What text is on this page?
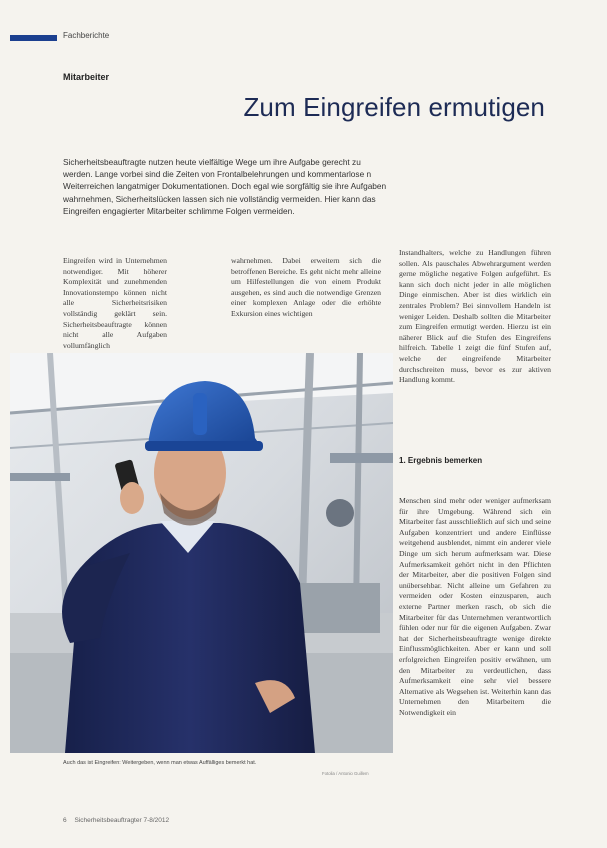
Fachberichte
Mitarbeiter
Zum Eingreifen ermutigen
Sicherheitsbeauftragte nutzen heute vielfältige Wege um ihre Aufgabe gerecht zu werden. Lange vorbei sind die Zeiten von Frontalbelehrungen und kommentarlose n Weiterreichen langatmiger Dokumentationen. Doch egal wie sorgfältig sie ihre Aufgaben wahrnehmen, Sicherheitslücken lassen sich nie vollständig vermeiden. Hier kann das Eingreifen engagierter Mitarbeiter schlimme Folgen vermeiden.

Eingreifen wird in Unternehmen notwendiger. Mit höherer Komplexität und zunehmenden Innovationstempo können nicht alle Sicherheitsrisiken vollständig geklärt sein. Sicherheitsbeauftragte können nicht alle Aufgaben vollumfänglich

wahrnehmen. Dabei erweitern sich die betroffenen Bereiche. Es geht nicht mehr alleine um Hilfestellungen die von einem Produkt ausgehen, es sind auch die notwendige Grenzen einer komplexen Anlage oder die erhöhte Exkursion eines wichtigen

Instandhalters, welche zu Handlungen führen sollen. Als pauschales Abwehrargument werden gerne mögliche negative Folgen aufgeführt. Es kann sich doch nicht jeder in alle möglichen Dinge einmischen. Aber ist dies wirklich ein zentrales Problem? Bei sinnvollem Handeln ist weniger Leiden. Deshalb sollten die Mitarbeiter zum Eingreifen ermutigt werden. Hierzu ist ein näherer Blick auf die Stufen des Eingreifens hilfreich. Tabelle 1 zeigt die fünf Stufen auf, welche der eingreifende Mitarbeiter durchschreiten muss, bevor es zur aktiven Handlung kommt.

1. Ergebnis bemerken

Menschen sind mehr oder weniger aufmerksam für ihre Umgebung. Während sich ein Mitarbeiter fast ausschließlich auf sich und seine Aufgaben konzentriert und andere Einflüsse weitgehend ausblendet, nimmt ein anderer viele Dinge um sich herum aufmerksam war. Diese Aufmerksamkeit gehört nicht in den Pflichten der Mitarbeiter, aber die positiven Folgen sind unübersehbar. Nicht alleine um Gefahren zu vermeiden oder Kosten einzusparen, auch externe Partner merken rasch, ob sich die Mitarbeiter für das Unternehmen verantwortlich fühlen oder nur für die eigenen Aufgaben. Zwar hat der Sicherheitsbeauftragte wenige direkte Einflussmöglichkeiten. Aber er kann und soll erfolgreichen Eingreifen positiv erwähnen, um den Mitarbeiter zu verdeutlichen, dass Aufmerksamkeit eine sehr viel bessere Alternative als Wegsehen ist. Weiterhin kann das Unternehmen den Mitarbeitern die Notwendigkeit ein

Auch das ist Eingreifen: Weitergeben, wenn man etwas Auffälliges bemerkt hat.
Fotolia / Antonio Guillem
6 Sicherheitsbeauftragter 7-8/2012
